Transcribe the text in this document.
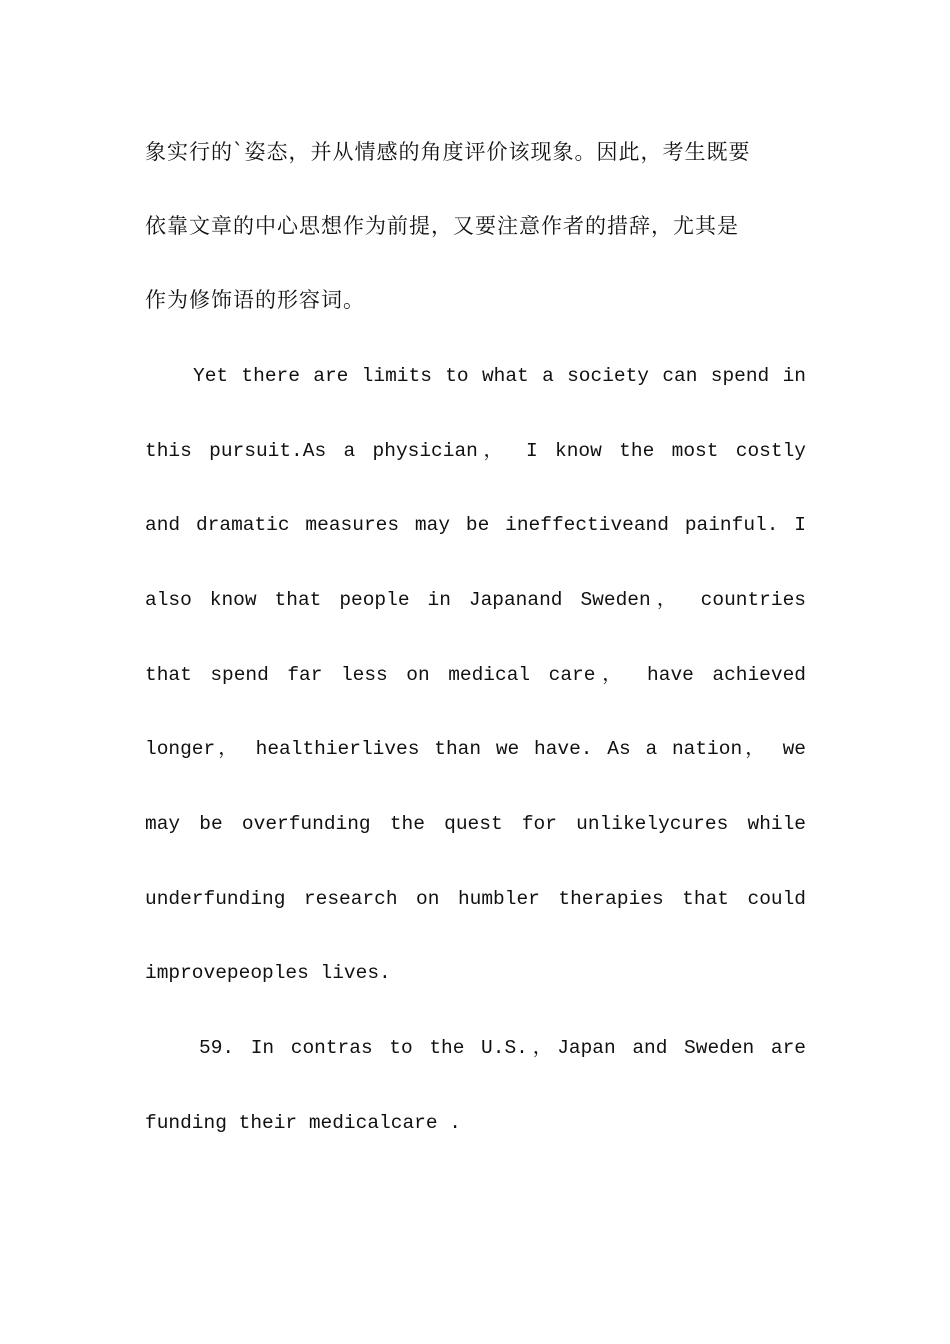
象实行的`姿态，并从情感的角度评价该现象。因此，考生既要
依靠文章的中心思想作为前提，又要注意作者的措辞，尤其是
作为修饰语的形容词。
Yet there are limits to what a society can spend in
this pursuit.As a physician， I know the most costly
and dramatic measures may be ineffectiveand painful. I
also know that people in Japanand Sweden， countries
that spend far less on medical care， have achieved
longer， healthierlives than we have. As a nation， we
may be overfunding the quest for unlikelycures while
underfunding research on humbler therapies that could
improvepeoples lives.
59. In contras to the U.S.，Japan and Sweden are
funding their medicalcare .
